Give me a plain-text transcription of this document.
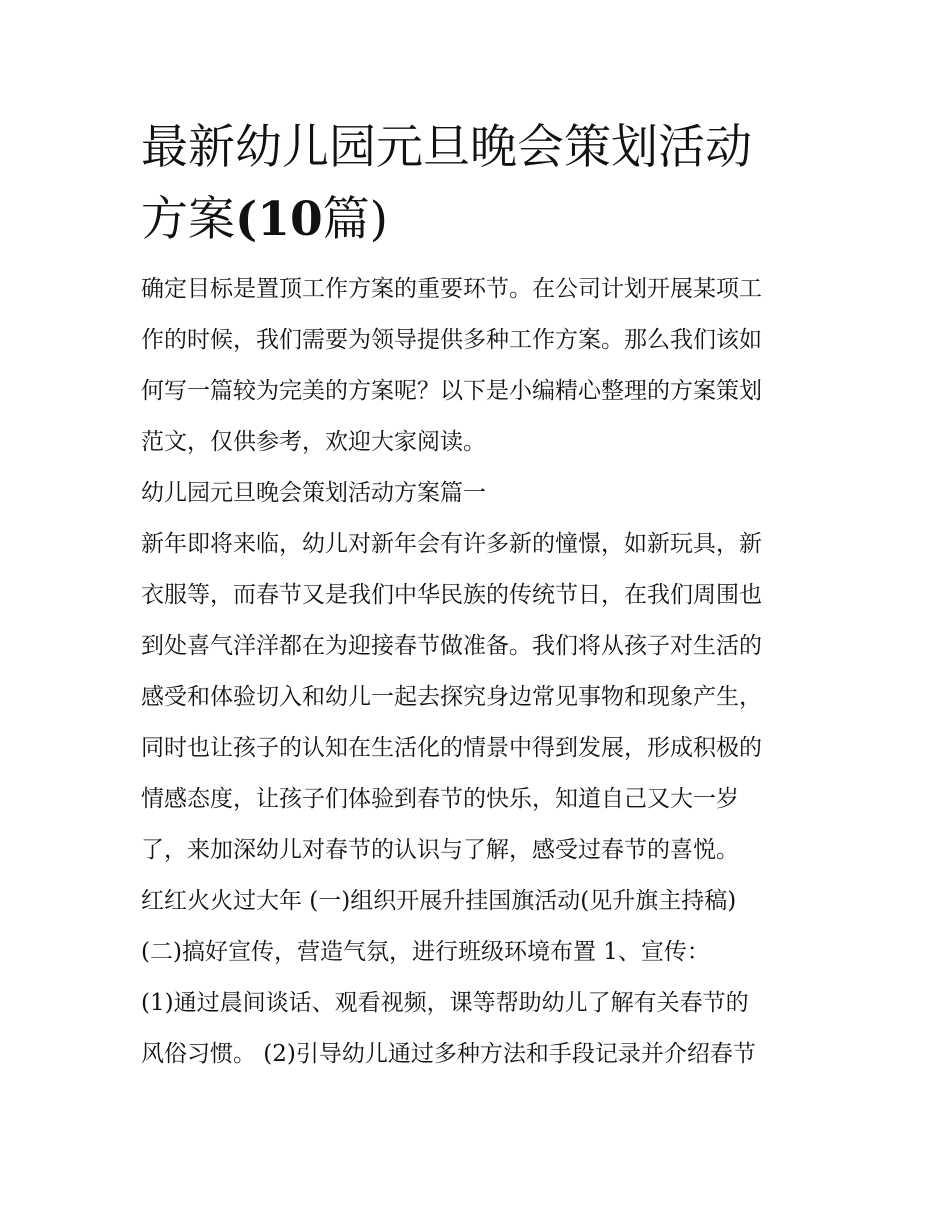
最新幼儿园元旦晚会策划活动
方案(10篇)
确定目标是置顶工作方案的重要环节。在公司计划开展某项工
作的时候，我们需要为领导提供多种工作方案。那么我们该如
何写一篇较为完美的方案呢？以下是小编精心整理的方案策划
范文，仅供参考，欢迎大家阅读。
幼儿园元旦晚会策划活动方案篇一
新年即将来临，幼儿对新年会有许多新的憧憬，如新玩具，新
衣服等，而春节又是我们中华民族的传统节日，在我们周围也
到处喜气洋洋都在为迎接春节做准备。我们将从孩子对生活的
感受和体验切入和幼儿一起去探究身边常见事物和现象产生，
同时也让孩子的认知在生活化的情景中得到发展，形成积极的
情感态度，让孩子们体验到春节的快乐，知道自己又大一岁
了，来加深幼儿对春节的认识与了解，感受过春节的喜悦。
红红火火过大年 (一)组织开展升挂国旗活动(见升旗主持稿)
(二)搞好宣传，营造气氛，进行班级环境布置 1、宣传：
(1)通过晨间谈话、观看视频，课等帮助幼儿了解有关春节的
风俗习惯。 (2)引导幼儿通过多种方法和手段记录并介绍春节
